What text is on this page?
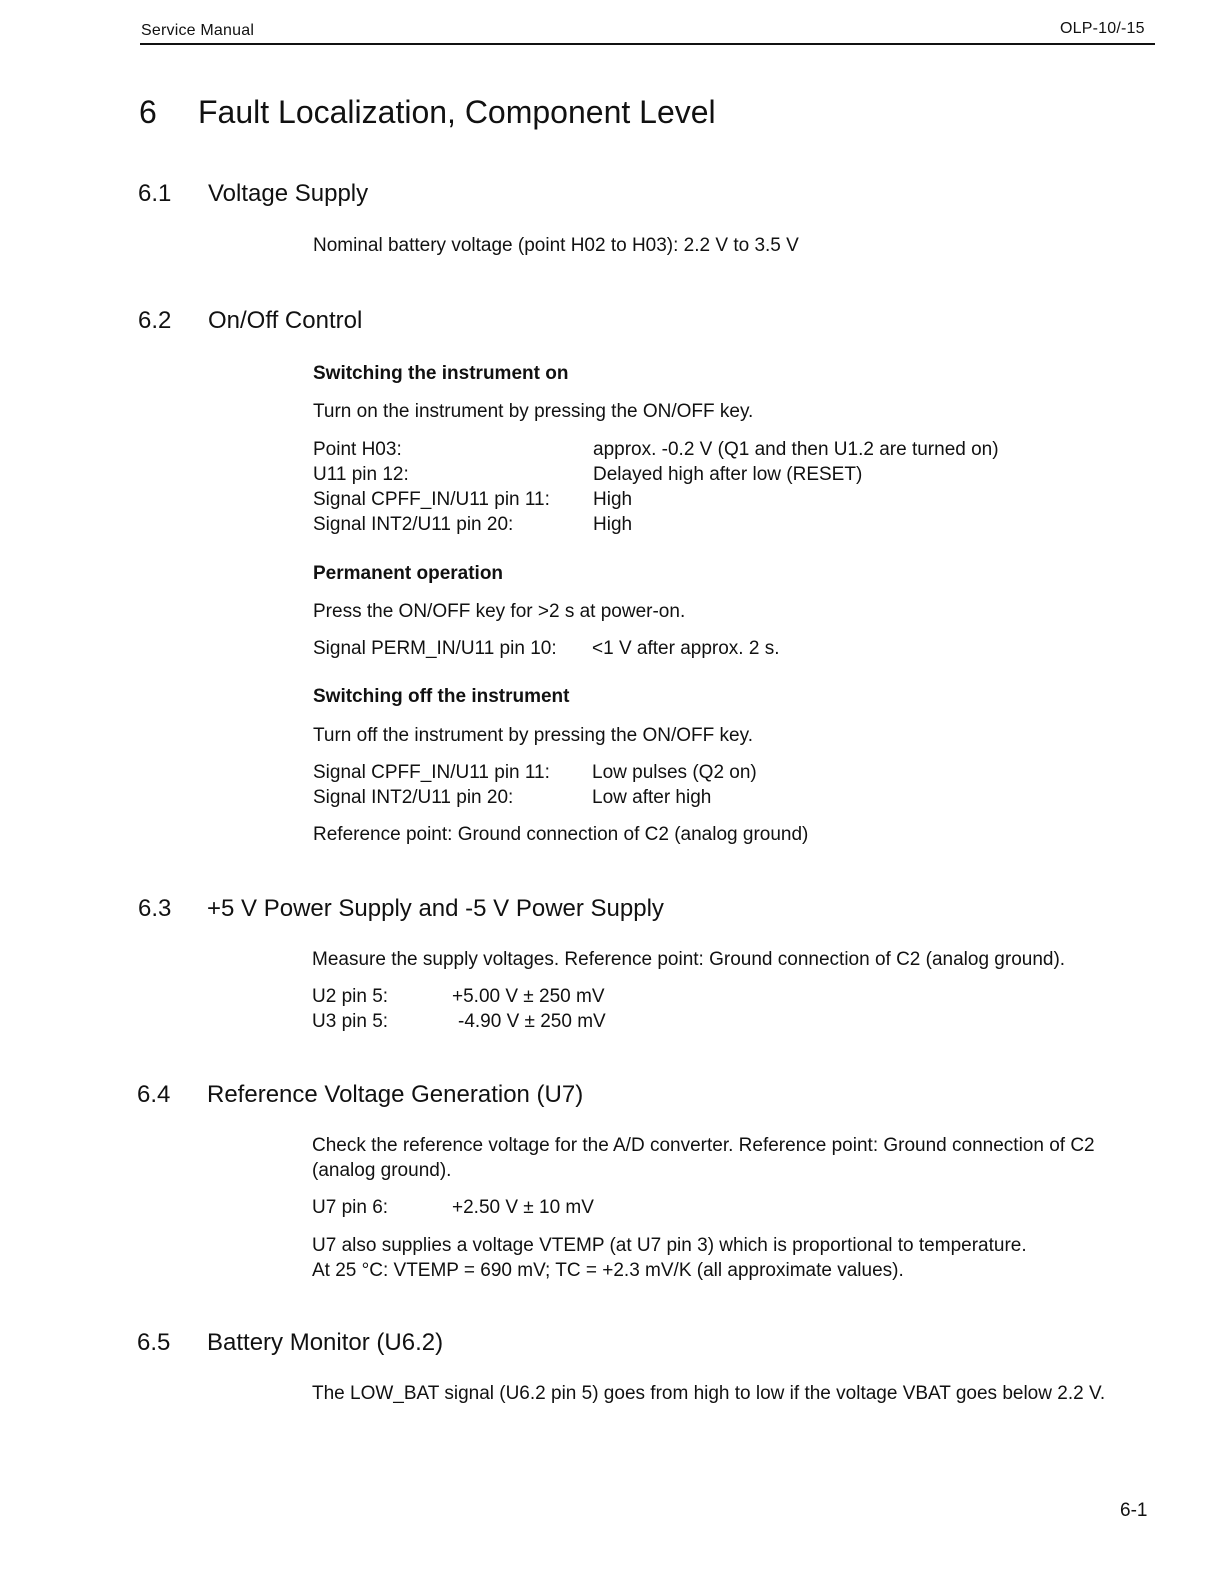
Service Manual	OLP-10/-15
6 Fault Localization, Component Level
6.1 Voltage Supply
Nominal battery voltage (point H02 to H03): 2.2 V to 3.5 V
6.2 On/Off Control
Switching the instrument on
Turn on the instrument by pressing the ON/OFF key.
Point H03:	approx. -0.2 V (Q1 and then U1.2 are turned on)
U11 pin 12:	Delayed high after low (RESET)
Signal CPFF_IN/U11 pin 11: High
Signal INT2/U11 pin 20:	High
Permanent operation
Press the ON/OFF key for >2 s at power-on.
Signal PERM_IN/U11 pin 10: <1 V after approx. 2 s.
Switching off the instrument
Turn off the instrument by pressing the ON/OFF key.
Signal CPFF_IN/U11 pin 11: Low pulses (Q2 on)
Signal INT2/U11 pin 20:	Low after high
Reference point: Ground connection of C2 (analog ground)
6.3 +5 V Power Supply and -5 V Power Supply
Measure the supply voltages. Reference point: Ground connection of C2 (analog ground).
U2 pin 5:	+5.00 V ± 250 mV
U3 pin 5:	-4.90 V ± 250 mV
6.4 Reference Voltage Generation (U7)
Check the reference voltage for the A/D converter. Reference point: Ground connection of C2 (analog ground).
U7 pin 6:	+2.50 V ± 10 mV
U7 also supplies a voltage VTEMP (at U7 pin 3) which is proportional to temperature.
At 25 °C: VTEMP = 690 mV; TC = +2.3 mV/K (all approximate values).
6.5 Battery Monitor (U6.2)
The LOW_BAT signal (U6.2 pin 5) goes from high to low if the voltage VBAT goes below 2.2 V.
6-1
